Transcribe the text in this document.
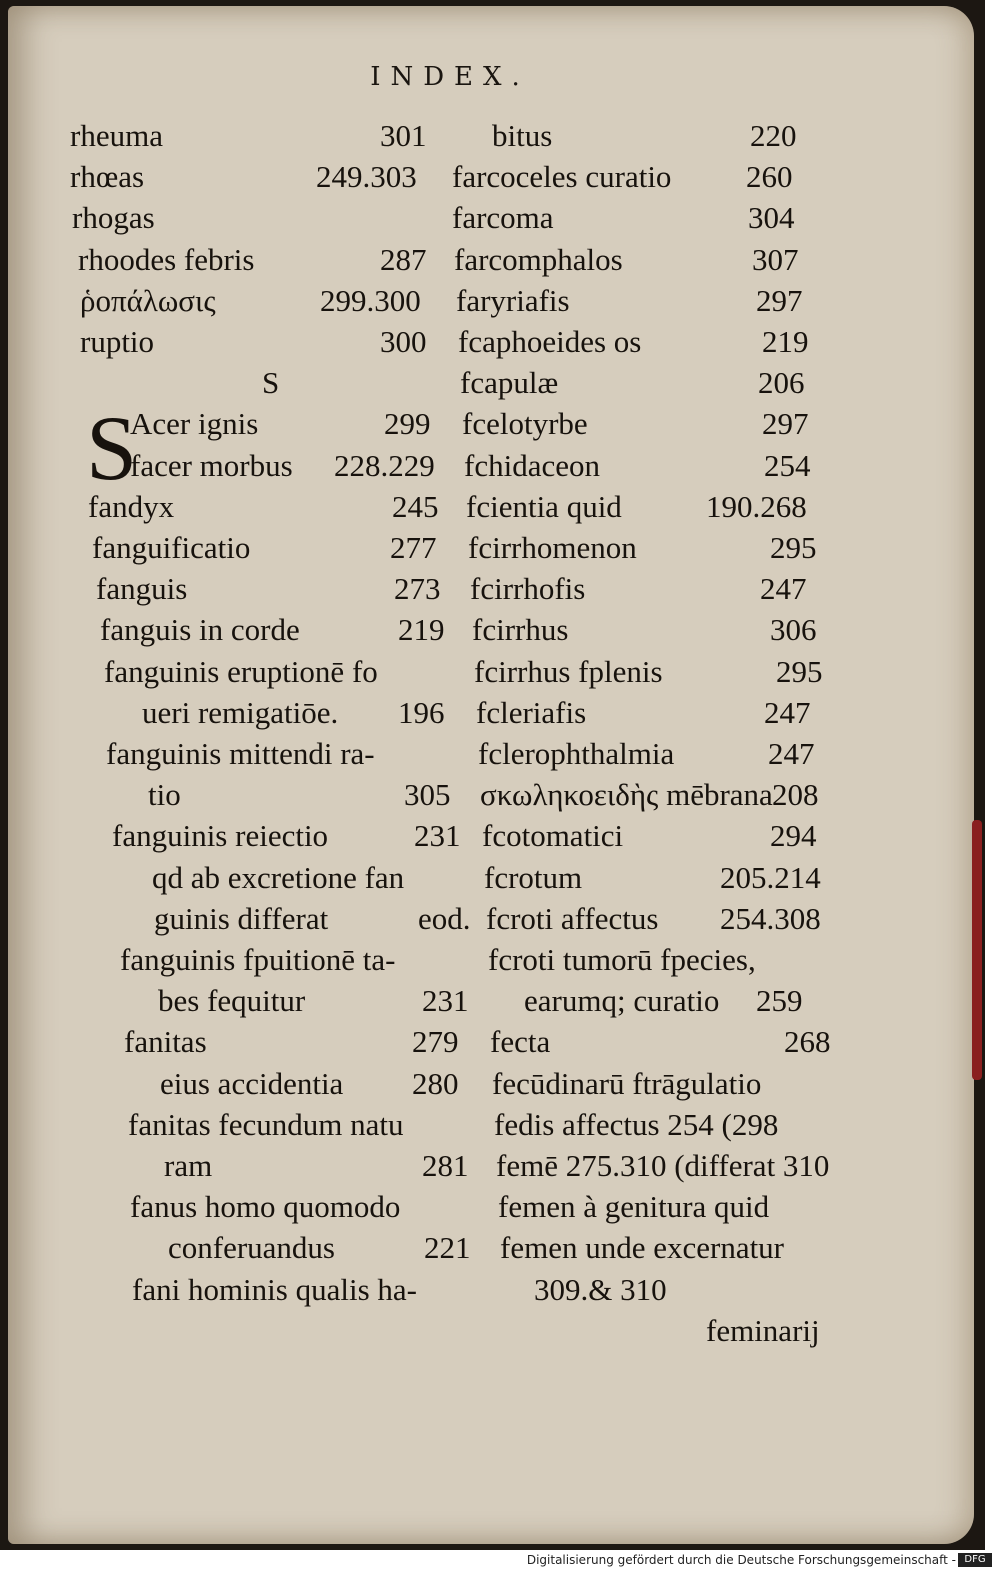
INDEX.
S
rheuma	301
rhœas	249.303
rhogas
rhoodes febris	287
ῥοπάλωσις	299.300
ruptio	300
S
Acer ignis	299
facer morbus 228.229
fandyx	245
fanguificatio	277
fanguis	273
fanguis in corde	219
fanguinis eruptionē fo
ueri remigatiōe. 196
fanguinis mittendi ra-
tio	305
fanguinis reiectio	231
qd ab excretione fan
guinis differat	eod.
fanguinis fpuitionē ta-
bes fequitur	231
fanitas	279
eius accidentia 280
fanitas fecundum natu
ram	281
fanus homo quomodo
conferuandus	221
fani hominis qualis ha-
bitus	220
farcoceles curatio 260
farcoma	304
farcomphalos	307
faryriafis	297
fcaphoeides os	219
fcapulæ	206
fcelotyrbe	297
fchidaceon	254
fcientia quid	190.268
fcirrhomenon	295
fcirrhofis	247
fcirrhus	306
fcirrhus fplenis	295
fcleriafis	247
fclerophthalmia	247
σκωληκοειδὴς mēbrana 208
fcotomatici	294
fcrotum	205.214
fcroti affectus 254.308
fcroti tumorū fpecies,
earumq; curatio 259
fecta	268
fecūdinarū ftrāgulatio
fedis affectus 254 (298
femē 275.310 (differat 310
femen à genitura quid
femen unde excernatur
309.& 310
feminarij
Digitalisierung gefördert durch die Deutsche Forschungsgemeinschaft - DFG
